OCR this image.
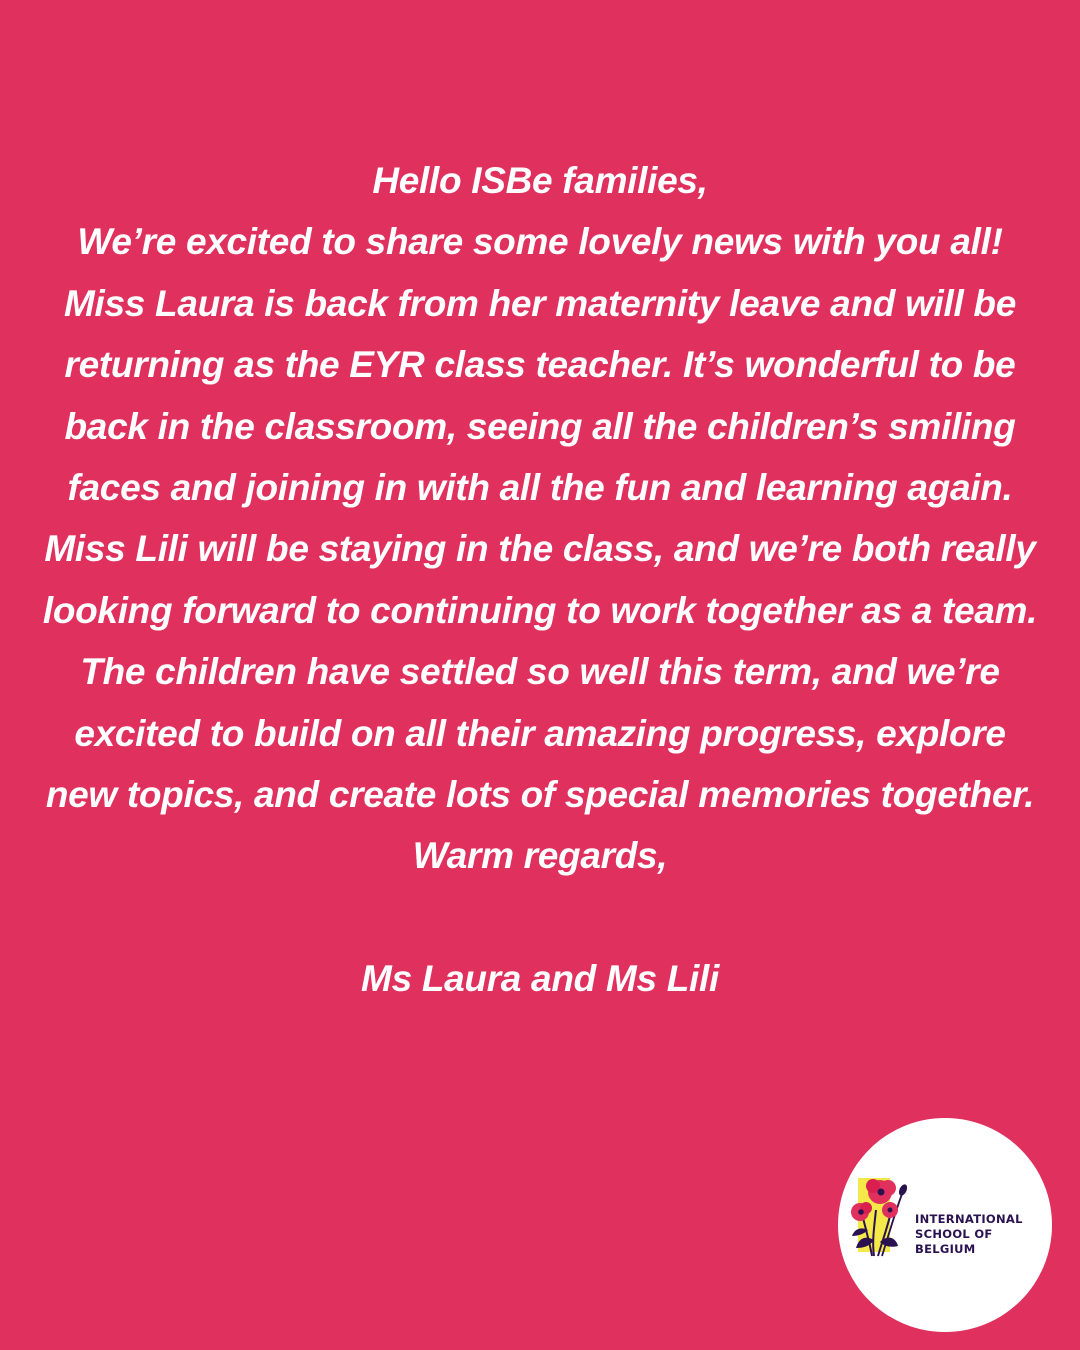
Hello ISBe families,

We’re excited to share some lovely news with you all! Miss Laura is back from her maternity leave and will be returning as the EYR class teacher. It’s wonderful to be back in the classroom, seeing all the children’s smiling faces and joining in with all the fun and learning again.

Miss Lili will be staying in the class, and we’re both really looking forward to continuing to work together as a team. The children have settled so well this term, and we’re excited to build on all their amazing progress, explore new topics, and create lots of special memories together.

Warm regards,

Ms Laura and Ms Lili

INTERNATIONAL
SCHOOL OF
BELGIUM
